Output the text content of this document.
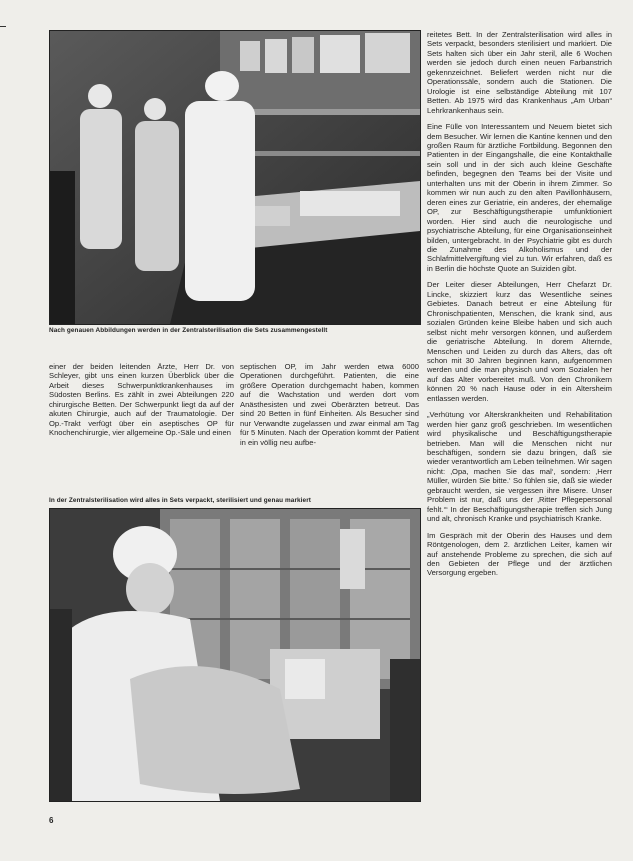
Nach genauen Abbildungen werden in der Zentralsterilisation die Sets zusammengestellt

einer der beiden leitenden Ärzte, Herr Dr. von Schleyer, gibt uns einen kurzen Überblick über die Arbeit dieses Schwerpunktkrankenhauses im Südosten Berlins. Es zählt in zwei Abteilungen 220 chirurgische Betten. Der Schwerpunkt liegt da auf der akuten Chirurgie, auch auf der Traumatologie. Der Op.-Trakt verfügt über ein aseptisches OP für Knochenchirurgie, vier allgemeine Op.-Säle und einen

septischen OP, im Jahr werden etwa 6000 Operationen durchgeführt. Patienten, die eine größere Operation durchgemacht haben, kommen auf die Wachstation und werden dort vom Anästhesisten und zwei Oberärzten betreut. Das sind 20 Betten in fünf Einheiten. Als Besucher sind nur Verwandte zugelassen und zwar einmal am Tag für 5 Minuten. Nach der Operation kommt der Patient in ein völlig neu aufbe-

In der Zentralsterilisation wird alles in Sets verpackt, sterilisiert und genau markiert

reitetes Bett. In der Zentralsterilisation wird alles in Sets verpackt, besonders sterilisiert und markiert. Die Sets halten sich über ein Jahr steril, alle 6 Wochen werden sie jedoch durch einen neuen Farbanstrich gekennzeichnet. Beliefert werden nicht nur die Operationssäle, sondern auch die Stationen. Die Urologie ist eine selbständige Abteilung mit 107 Betten. Ab 1975 wird das Krankenhaus „Am Urban“ Lehrkrankenhaus sein.

Eine Fülle von Interessantem und Neuem bietet sich dem Besucher. Wir lernen die Kantine kennen und den großen Raum für ärztliche Fortbildung. Begonnen den Patienten in der Eingangshalle, die eine Kontakthalle sein soll und in der sich auch kleine Geschäfte befinden, begegnen den Teams bei der Visite und unterhalten uns mit der Oberin in ihrem Zimmer. So kommen wir nun auch zu den alten Pavillonhäusern, deren eines zur Geriatrie, ein anderes, der ehemalige OP, zur Beschäftigungstherapie umfunktioniert worden. Hier sind auch die neurologische und psychiatrische Abteilung, für eine Organisationseinheit bilden, untergebracht. In der Psychiatrie gibt es durch die Zunahme des Alkoholismus und der Schlafmittelvergiftung viel zu tun. Wir erfahren, daß es in Berlin die höchste Quote an Suiziden gibt.

Der Leiter dieser Abteilungen, Herr Chefarzt Dr. Lincke, skizziert kurz das Wesentliche seines Gebietes. Danach betreut er eine Abteilung für Chronischpatienten, Menschen, die krank sind, aus sozialen Gründen keine Bleibe haben und sich auch selbst nicht mehr versorgen können, und außerdem die geriatrische Abteilung. In dorem Alternde, Menschen und Leiden zu durch das Alters, das oft schon mit 30 Jahren beginnen kann, aufgenommen werden und die man physisch und vom Sozialen her auf das Alter vorbereitet muß. Von den Chronikern können 20 % nach Hause oder in ein Altersheim entlassen werden.

„Verhütung vor Alterskrankheiten und Rehabilitation werden hier ganz groß geschrieben. Im wesentlichen wird physikalische und Beschäftigungstherapie betrieben. Man will die Menschen nicht nur beschäftigen, sondern sie dazu bringen, daß sie wieder verantwortlich am Leben teilnehmen. Wir sagen nicht: ‚Opa, machen Sie das mal‘, sondern: ‚Herr Müller, würden Sie bitte.‘ So fühlen sie, daß sie wieder gebraucht werden, sie vergessen ihre Misere. Unser Problem ist nur, daß uns der ‚Ritter Pflegepersonal fehlt.‘“ In der Beschäftigungstherapie treffen sich Jung und alt, chronisch Kranke und psychiatrisch Kranke.

Im Gespräch mit der Oberin des Hauses und dem Röntgenologen, dem 2. ärztlichen Leiter, kamen wir auf anstehende Probleme zu sprechen, die sich auf den Gebieten der Pflege und der ärztlichen Versorgung ergeben.

6
